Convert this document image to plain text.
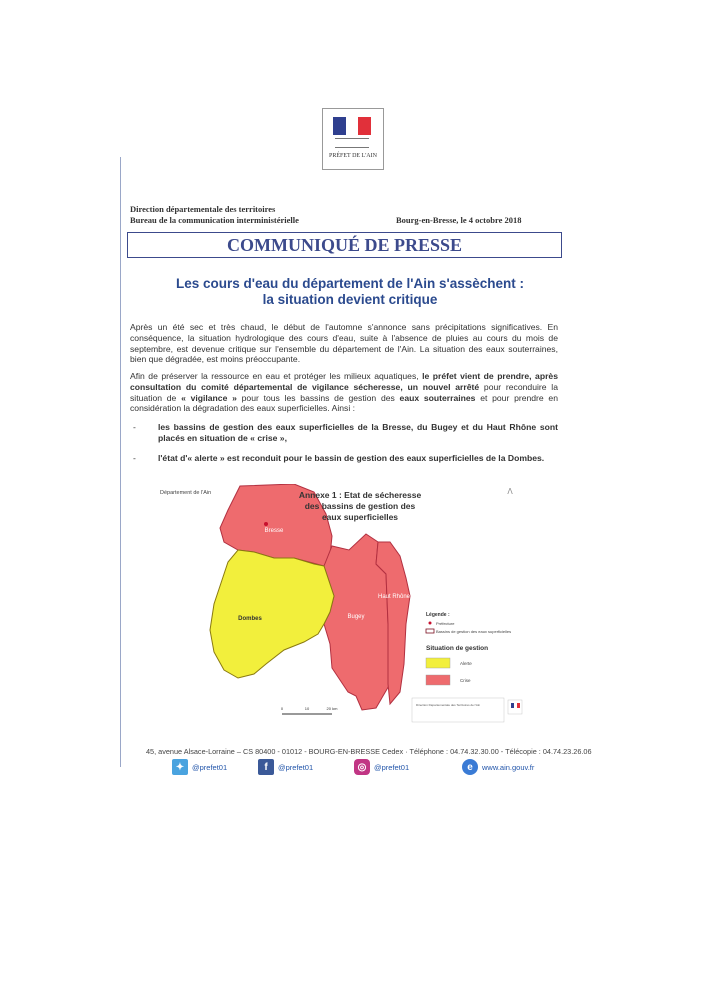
PRÉFET DE L'AIN
Direction départementale des territoires
Bureau de la communication interministérielle	Bourg-en-Bresse, le 4 octobre 2018
COMMUNIQUÉ DE PRESSE
Les cours d'eau du département de l'Ain s'assèchent :
la situation devient critique
Après un été sec et très chaud, le début de l'automne s'annonce sans précipitations significatives. En conséquence, la situation hydrologique des cours d'eau, suite à l'absence de pluies au cours du mois de septembre, est devenue critique sur l'ensemble du département de l'Ain. La situation des eaux souterraines, bien que dégradée, est moins préoccupante.
Afin de préserver la ressource en eau et protéger les milieux aquatiques, le préfet vient de prendre, après consultation du comité départemental de vigilance sécheresse, un nouvel arrêté pour reconduire la situation de « vigilance » pour tous les bassins de gestion des eaux souterraines et pour prendre en considération la dégradation des eaux superficielles. Ainsi :
-	les bassins de gestion des eaux superficielles de la Bresse, du Bugey et du Haut Rhône sont placés en situation de « crise »,
-	l'état d'« alerte » est reconduit pour le bassin de gestion des eaux superficielles de la Dombes.
Département de l'Ain	Annexe 1 : Etat de sécheresse
des bassins de gestion des
eaux superficielles
Bresse
Dombes	Bugey
Haut Rhône
Légende :
Préfecture
Bassins de gestion des eaux superficielles
Situation de gestion
Alerte
Crise
Ʌ
0	10	20 km
Direction Départementale des Territoires de l'Ain
45, avenue Alsace-Lorraine – CS 80400 - 01012 - BOURG-EN-BRESSE Cedex · Téléphone : 04.74.32.30.00 - Télécopie : 04.74.23.26.06
✦	@prefet01	f	@prefet01	◎	@prefet01	e	www.ain.gouv.fr
